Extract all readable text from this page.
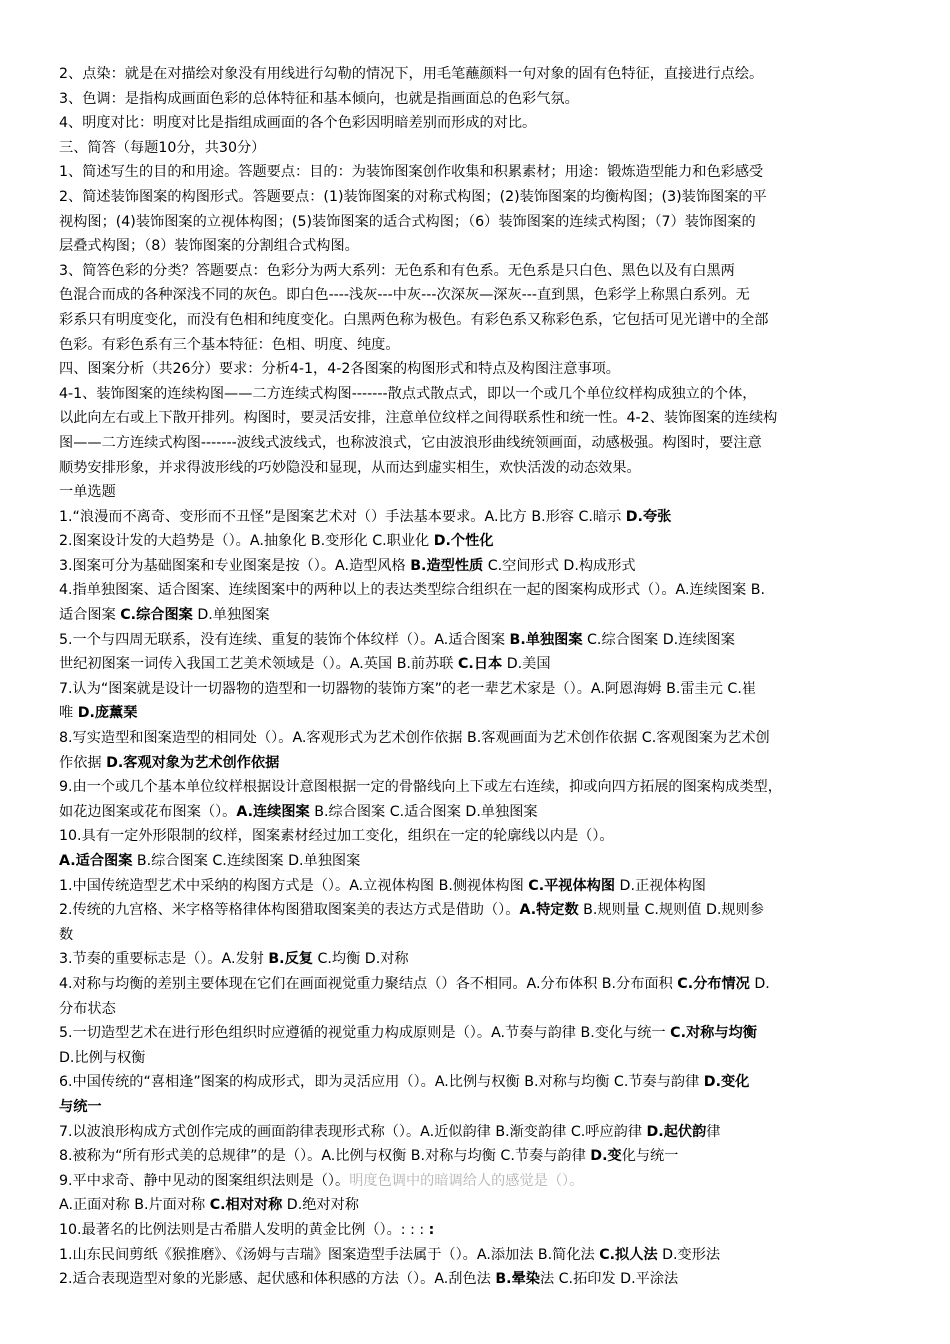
2、点染：就是在对描绘对象没有用线进行勾勒的情况下，用毛笔蘸颜料一句对象的固有色特征，直接进行点绘。
3、色调：是指构成画面色彩的总体特征和基本倾向，也就是指画面总的色彩气氛。
4、明度对比：明度对比是指组成画面的各个色彩因明暗差别而形成的对比。
三、简答（每题10分，共30分）
1、简述写生的目的和用途。答题要点：目的：为装饰图案创作收集和积累素材；用途：锻炼造型能力和色彩感受
2、简述装饰图案的构图形式。答题要点：(1)装饰图案的对称式构图；(2)装饰图案的均衡构图；(3)装饰图案的平
视构图；(4)装饰图案的立视体构图；(5)装饰图案的适合式构图；（6）装饰图案的连续式构图；（7）装饰图案的
层叠式构图；（8）装饰图案的分割组合式构图。
3、简答色彩的分类？答题要点：色彩分为两大系列：无色系和有色系。无色系是只白色、黑色以及有白黑两
色混合而成的各种深浅不同的灰色。即白色----浅灰---中灰---次深灰—深灰---直到黑，色彩学上称黑白系列。无
彩系只有明度变化，而没有色相和纯度变化。白黑两色称为极色。有彩色系又称彩色系，它包括可见光谱中的全部
色彩。有彩色系有三个基本特征：色相、明度、纯度。
四、图案分析（共26分）要求：分析4-1，4-2各图案的构图形式和特点及构图注意事项。
4-1、装饰图案的连续构图——二方连续式构图-------散点式散点式，即以一个或几个单位纹样构成独立的个体，
以此向左右或上下散开排列。构图时，要灵活安排，注意单位纹样之间得联系性和统一性。4-2、装饰图案的连续构
图——二方连续式构图-------波线式波线式，也称波浪式，它由波浪形曲线统领画面，动感极强。构图时，要注意
顺势安排形象，并求得波形线的巧妙隐没和显现，从而达到虚实相生，欢快活泼的动态效果。
一单选题
1.“浪漫而不离奇、变形而不丑怪”是图案艺术对（）手法基本要求。A.比方 B.形容 C.暗示 D.夸张
2.图案设计发的大趋势是（）。A.抽象化 B.变形化 C.职业化 D.个性化
3.图案可分为基础图案和专业图案是按（）。A.造型风格 B.造型性质 C.空间形式 D.构成形式
4.指单独图案、适合图案、连续图案中的两种以上的表达类型综合组织在一起的图案构成形式（）。A.连续图案 B.
适合图案 C.综合图案 D.单独图案
5.一个与四周无联系，没有连续、重复的装饰个体纹样（）。A.适合图案 B.单独图案 C.综合图案 D.连续图案
世纪初图案一词传入我国工艺美术领域是（）。A.英国 B.前苏联 C.日本 D.美国
7.认为“图案就是设计一切器物的造型和一切器物的装饰方案”的老一辈艺术家是（）。A.阿恩海姆 B.雷圭元 C.崔
唯 D.庞薰琹
8.写实造型和图案造型的相同处（）。A.客观形式为艺术创作依据 B.客观画面为艺术创作依据 C.客观图案为艺术创
作依据 D.客观对象为艺术创作依据
9.由一个或几个基本单位纹样根据设计意图根据一定的骨骼线向上下或左右连续，抑或向四方拓展的图案构成类型，
如花边图案或花布图案（）。A.连续图案 B.综合图案 C.适合图案 D.单独图案
10.具有一定外形限制的纹样，图案素材经过加工变化，组织在一定的轮廓线以内是（）。
A.适合图案 B.综合图案 C.连续图案 D.单独图案
1.中国传统造型艺术中采纳的构图方式是（）。A.立视体构图 B.侧视体构图 C.平视体构图 D.正视体构图
2.传统的九宫格、米字格等格律体构图猎取图案美的表达方式是借助（）。A.特定数 B.规则量 C.规则值 D.规则参
数
3.节奏的重要标志是（）。A.发射 B.反复 C.均衡 D.对称
4.对称与均衡的差别主要体现在它们在画面视觉重力聚结点（）各不相同。A.分布体积 B.分布面积 C.分布情况 D.
分布状态
5.一切造型艺术在进行形色组织时应遵循的视觉重力构成原则是（）。A.节奏与韵律 B.变化与统一 C.对称与均衡
D.比例与权衡
6.中国传统的“喜相逢”图案的构成形式，即为灵活应用（）。A.比例与权衡 B.对称与均衡 C.节奏与韵律 D.变化
与统一
7.以波浪形构成方式创作完成的画面韵律表现形式称（）。A.近似韵律 B.渐变韵律 C.呼应韵律 D.起伏韵律
8.被称为“所有形式美的总规律”的是（）。A.比例与权衡 B.对称与均衡 C.节奏与韵律 D.变化与统一
9.平中求奇、静中见动的图案组织法则是（）。明度色调中的暗调给人的感觉是（）。
A.正面对称 B.片面对称 C.相对对称 D.绝对对称
10.最著名的比例法则是古希腊人发明的黄金比例（）。: : : :
1.山东民间剪纸《猴推磨》、《汤姆与吉瑞》图案造型手法属于（）。A.添加法 B.简化法 C.拟人法 D.变形法
2.适合表现造型对象的光影感、起伏感和体积感的方法（）。A.刮色法 B.晕染法 C.拓印发 D.平涂法
